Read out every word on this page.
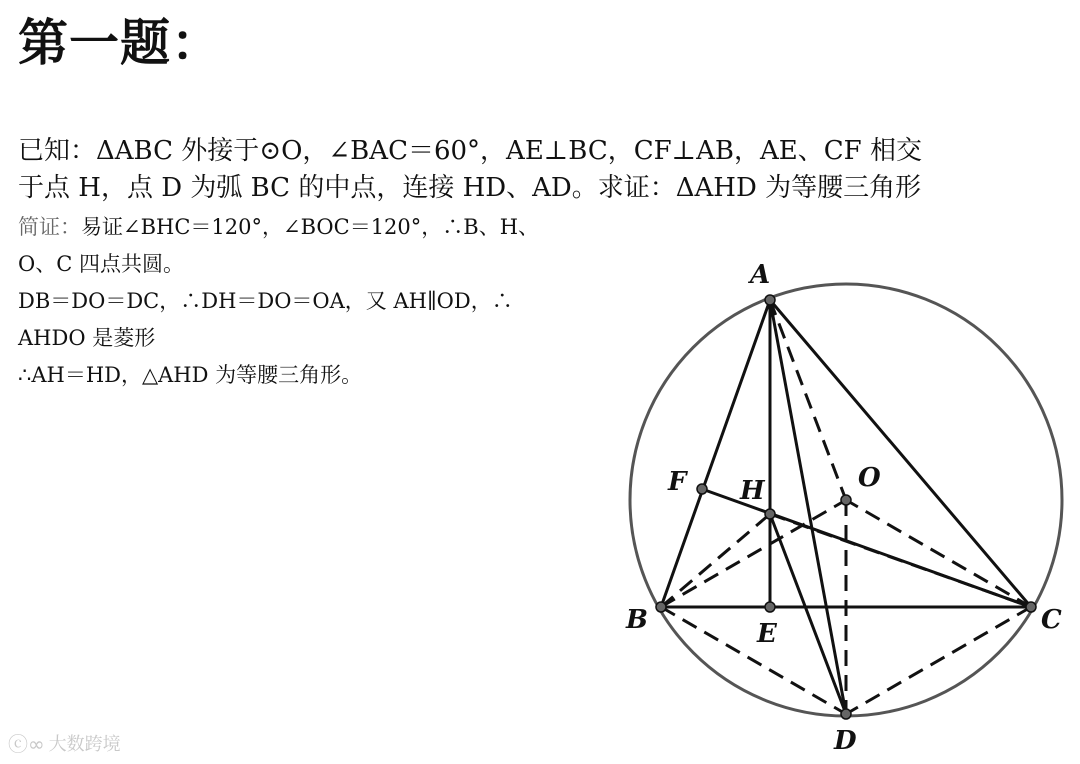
第一题：
已知：ΔABC 外接于⊙O，∠BAC＝60°，AE⊥BC，CF⊥AB，AE、CF 相交
于点 H，点 D 为弧 BC 的中点，连接 HD、AD。求证：ΔAHD 为等腰三角形
简证：易证∠BHC＝120°，∠BOC＝120°，∴B、H、
O、C 四点共圆。
DB＝DO＝DC，∴DH＝DO＝OA，又 AH∥OD，∴
AHDO 是菱形
∴AH＝HD，△AHD 为等腰三角形。
A
B	C
D
E
F H	O
ⓒ∞ 大数跨境
